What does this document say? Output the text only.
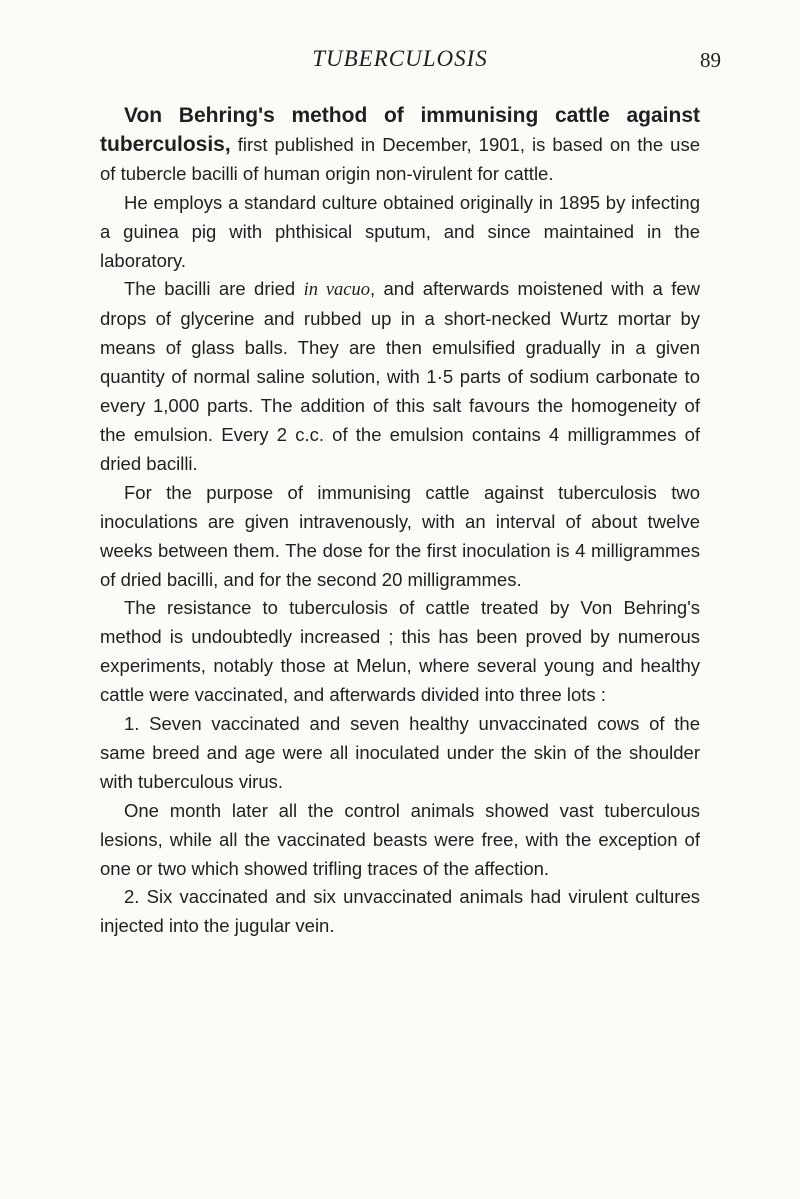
TUBERCULOSIS	89

Von Behring's method of immunising cattle against tuberculosis, first published in December, 1901, is based on the use of tubercle bacilli of human origin non-virulent for cattle.

He employs a standard culture obtained originally in 1895 by infecting a guinea pig with phthisical sputum, and since maintained in the laboratory.

The bacilli are dried in vacuo, and afterwards moistened with a few drops of glycerine and rubbed up in a short-necked Wurtz mortar by means of glass balls. They are then emulsified gradually in a given quantity of normal saline solution, with 1·5 parts of sodium carbonate to every 1,000 parts. The addition of this salt favours the homogeneity of the emulsion. Every 2 c.c. of the emulsion contains 4 milligrammes of dried bacilli.

For the purpose of immunising cattle against tuberculosis two inoculations are given intravenously, with an interval of about twelve weeks between them. The dose for the first inoculation is 4 milligrammes of dried bacilli, and for the second 20 milligrammes.

The resistance to tuberculosis of cattle treated by Von Behring's method is undoubtedly increased ; this has been proved by numerous experiments, notably those at Melun, where several young and healthy cattle were vaccinated, and afterwards divided into three lots :

1. Seven vaccinated and seven healthy unvaccinated cows of the same breed and age were all inoculated under the skin of the shoulder with tuberculous virus.

One month later all the control animals showed vast tuberculous lesions, while all the vaccinated beasts were free, with the exception of one or two which showed trifling traces of the affection.

2. Six vaccinated and six unvaccinated animals had virulent cultures injected into the jugular vein.
